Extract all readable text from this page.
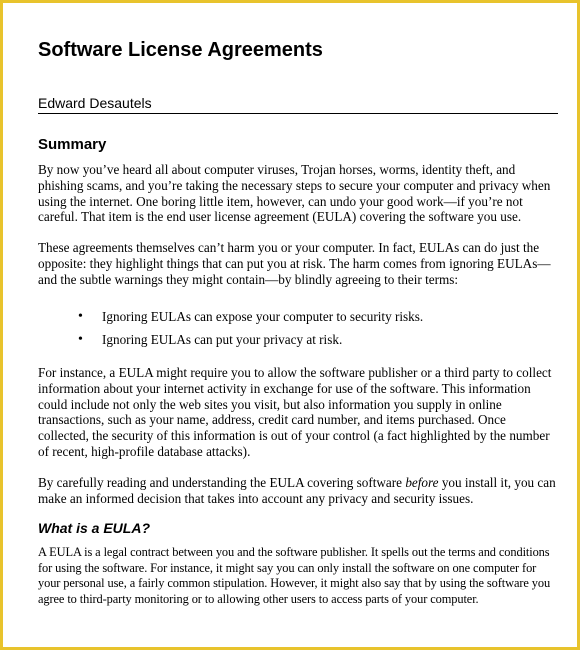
Software License Agreements
Edward Desautels
Summary

By now you’ve heard all about computer viruses, Trojan horses, worms, identity theft, and phishing scams, and you’re taking the necessary steps to secure your computer and privacy when using the internet. One boring little item, however, can undo your good work—if you’re not careful. That item is the end user license agreement (EULA) covering the software you use.

These agreements themselves can’t harm you or your computer. In fact, EULAs can do just the opposite: they highlight things that can put you at risk. The harm comes from ignoring EULAs—and the subtle warnings they might contain—by blindly agreeing to their terms:

• Ignoring EULAs can expose your computer to security risks.
• Ignoring EULAs can put your privacy at risk.

For instance, a EULA might require you to allow the software publisher or a third party to collect information about your internet activity in exchange for use of the software. This information could include not only the web sites you visit, but also information you supply in online transactions, such as your name, address, credit card number, and items purchased. Once collected, the security of this information is out of your control (a fact highlighted by the number of recent, high-profile database attacks).

By carefully reading and understanding the EULA covering software before you install it, you can make an informed decision that takes into account any privacy and security issues.

What is a EULA?

A EULA is a legal contract between you and the software publisher. It spells out the terms and conditions for using the software. For instance, it might say you can only install the software on one computer for your personal use, a fairly common stipulation. However, it might also say that by using the software you agree to third-party monitoring or to allowing other users to access parts of your computer.
